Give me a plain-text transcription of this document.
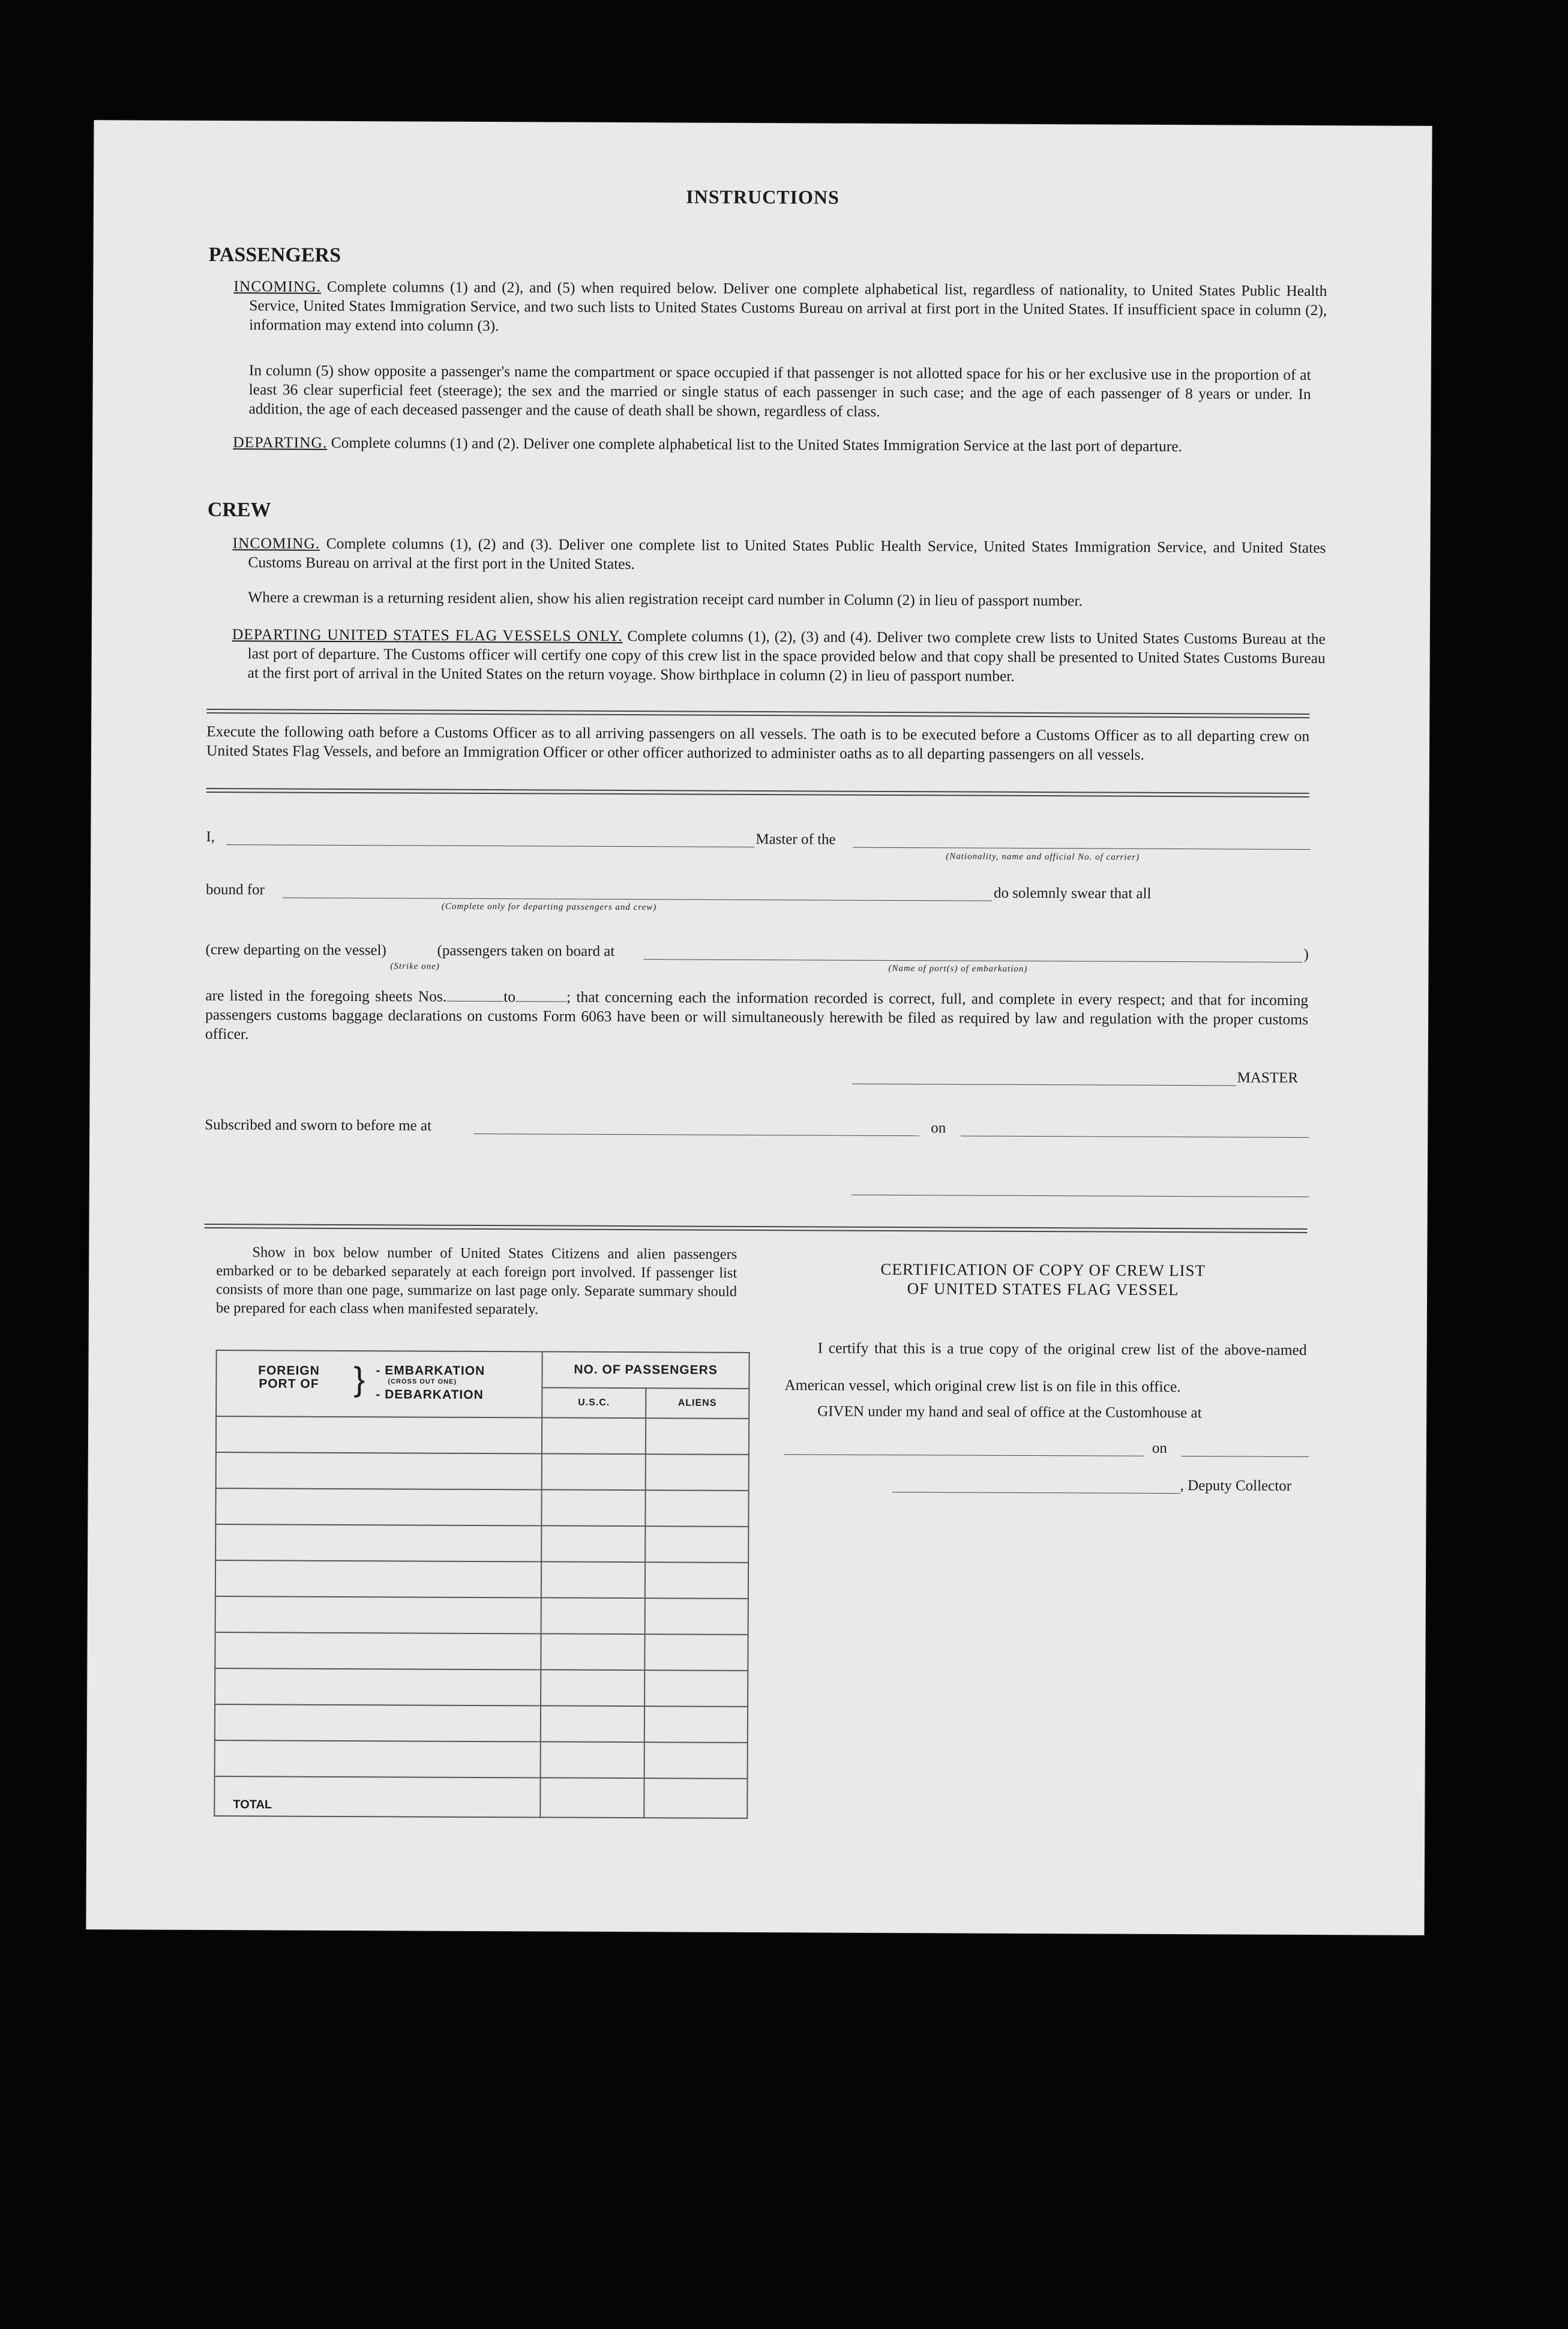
INSTRUCTIONS
PASSENGERS
INCOMING. Complete columns (1) and (2), and (5) when required below. Deliver one complete alphabetical list, regardless of nationality, to United States Public Health Service, United States Immigration Service, and two such lists to United States Customs Bureau on arrival at first port in the United States. If insufficient space in column (2), information may extend into column (3).
In column (5) show opposite a passenger's name the compartment or space occupied if that passenger is not allotted space for his or her exclusive use in the proportion of at least 36 clear superficial feet (steerage); the sex and the married or single status of each passenger in such case; and the age of each passenger of 8 years or under. In addition, the age of each deceased passenger and the cause of death shall be shown, regardless of class.
DEPARTING. Complete columns (1) and (2). Deliver one complete alphabetical list to the United States Immigration Service at the last port of departure.
CREW
INCOMING. Complete columns (1), (2) and (3). Deliver one complete list to United States Public Health Service, United States Immigration Service, and United States Customs Bureau on arrival at the first port in the United States.
Where a crewman is a returning resident alien, show his alien registration receipt card number in Column (2) in lieu of passport number.
DEPARTING UNITED STATES FLAG VESSELS ONLY. Complete columns (1), (2), (3) and (4). Deliver two complete crew lists to United States Customs Bureau at the last port of departure. The Customs officer will certify one copy of this crew list in the space provided below and that copy shall be presented to United States Customs Bureau at the first port of arrival in the United States on the return voyage. Show birthplace in column (2) in lieu of passport number.
Execute the following oath before a Customs Officer as to all arriving passengers on all vessels. The oath is to be executed before a Customs Officer as to all departing crew on United States Flag Vessels, and before an Immigration Officer or other officer authorized to administer oaths as to all departing passengers on all vessels.
I,	Master of the
(Nationality, name and official No. of carrier)
bound for
(Complete only for departing passengers and crew)
do solemnly swear that all
(crew departing on the vessel)	(passengers taken on board at	)
(Strike one)	(Name of port(s) of embarkation)
are listed in the foregoing sheets Nos.	to	; that concerning each the information recorded is correct, full, and complete in every respect; and that for incoming passengers customs baggage declarations on customs Form 6063 have been or will simultaneously herewith be filed as required by law and regulation with the proper customs officer.
MASTER
Subscribed and sworn to before me at	on
Show in box below number of United States Citizens and alien passengers embarked or to be debarked separately at each foreign port involved. If passenger list consists of more than one page, summarize on last page only. Separate summary should be prepared for each class when manifested separately.
FOREIGN PORT OF } - EMBARKATION
(CROSS OUT ONE)
- DEBARKATION	NO. OF PASSENGERS	
	U.S.C.	ALIENS

TOTAL		
CERTIFICATION OF COPY OF CREW LIST
OF UNITED STATES FLAG VESSEL
I certify that this is a true copy of the original crew list of the above-named American vessel, which original crew list is on file in this office.
GIVEN under my hand and seal of office at the Customhouse at
on
, Deputy Collector
